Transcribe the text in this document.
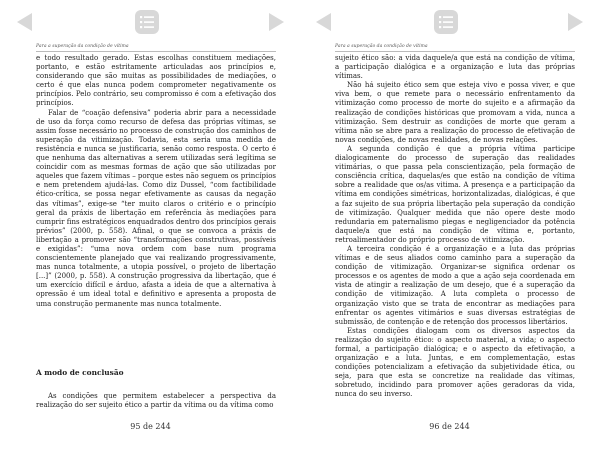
Para a superação da condição de vítima

e todo resultado gerado. Estas escolhas constituem mediações, portanto, e estão estritamente articuladas aos princípios e, considerando que são muitas as possibilidades de mediações, o certo é que elas nunca podem comprometer negativamente os princípios. Pelo contrário, seu compromisso é com a efetivação dos princípios.

Falar de “coação defensiva” poderia abrir para a necessidade de uso da força como recurso de defesa das próprias vítimas, se assim fosse necessário no processo de construção dos caminhos de superação da vitimização. Todavia, esta seria uma medida de resistência e nunca se justificaria, senão como resposta. O certo é que nenhuma das alternativas a serem utilizadas será legítima se coincidir com as mesmas formas de ação que são utilizadas por aqueles que fazem vítimas – porque estes não seguem os princípios e nem pretendem ajudá-las. Como diz Dussel, “com factibilidade ético-crítica, se possa negar efetivamente as causas da negação das vítimas”, exige-se “ter muito claros o critério e o princípio geral da práxis de libertação em referência às mediações para cumprir fins estratégicos enquadrados dentro dos princípios gerais prévios” (2000, p. 558). Afinal, o que se convoca a práxis de libertação a promover são “transformações construtivas, possíveis e exigidas”: “uma nova ordem com base num programa conscientemente planejado que vai realizando progressivamente, mas nunca totalmente, a utopia possível, o projeto de libertação [...]” (2000, p. 558). A construção progressiva da libertação, que é um exercício difícil e árduo, afasta a ideia de que a alternativa à opressão é um ideal total e definitivo e apresenta a proposta de uma construção permanente mas nunca totalmente.

A modo de conclusão

As condições que permitem estabelecer a perspectiva da realização do ser sujeito ético a partir da vítima ou da vítima como

95 de 244
Para a superação da condição de vítima

sujeito ético são: a vida daquele/a que está na condição de vítima, a participação dialógica e a organização e luta das próprias vítimas.

Não há sujeito ético sem que esteja vivo e possa viver, e que viva bem, o que remete para o necessário enfrentamento da vitimização como processo de morte do sujeito e a afirmação da realização de condições históricas que promovam a vida, nunca a vitimização. Sem destruir as condições de morte que geram a vítima não se abre para a realização do processo de efetivação de novas condições, de novas realidades, de novas relações.

A segunda condição é que a própria vítima participe dialogicamente do processo de superação das realidades vitimárias, o que passa pela conscientização, pela formação de consciência crítica, daquelas/es que estão na condição de vítima sobre a realidade que os/as vitima. A presença e a participação da vítima em condições simétricas, horizontalizadas, dialógicas, é que a faz sujeito de sua própria libertação pela superação da condição de vitimização. Qualquer medida que não opere deste modo redundaria em paternalismo piegas e negligenciador da potência daquele/a que está na condição de vítima e, portanto, retroalimentador do próprio processo de vitimização.

A terceira condição é a organização e a luta das próprias vítimas e de seus aliados como caminho para a superação da condição de vitimização. Organizar-se significa ordenar os processos e os agentes de modo a que a ação seja coordenada em vista de atingir a realização de um desejo, que é a superação da condição de vitimização. A luta completa o processo de organização visto que se trata de encontrar as mediações para enfrentar os agentes vitimários e suas diversas estratégias de submissão, de contenção e de retenção dos processos libertários.

Estas condições dialogam com os diversos aspectos da realização do sujeito ético: o aspecto material, a vida; o aspecto formal, a participação dialógica; e o aspecto da efetivação, a organização e a luta. Juntas, e em complementação, estas condições potencializam a efetivação da subjetividade ética, ou seja, para que esta se concretize na realidade das vítimas, sobretudo, incidindo para promover ações geradoras da vida, nunca do seu inverso.

96 de 244
